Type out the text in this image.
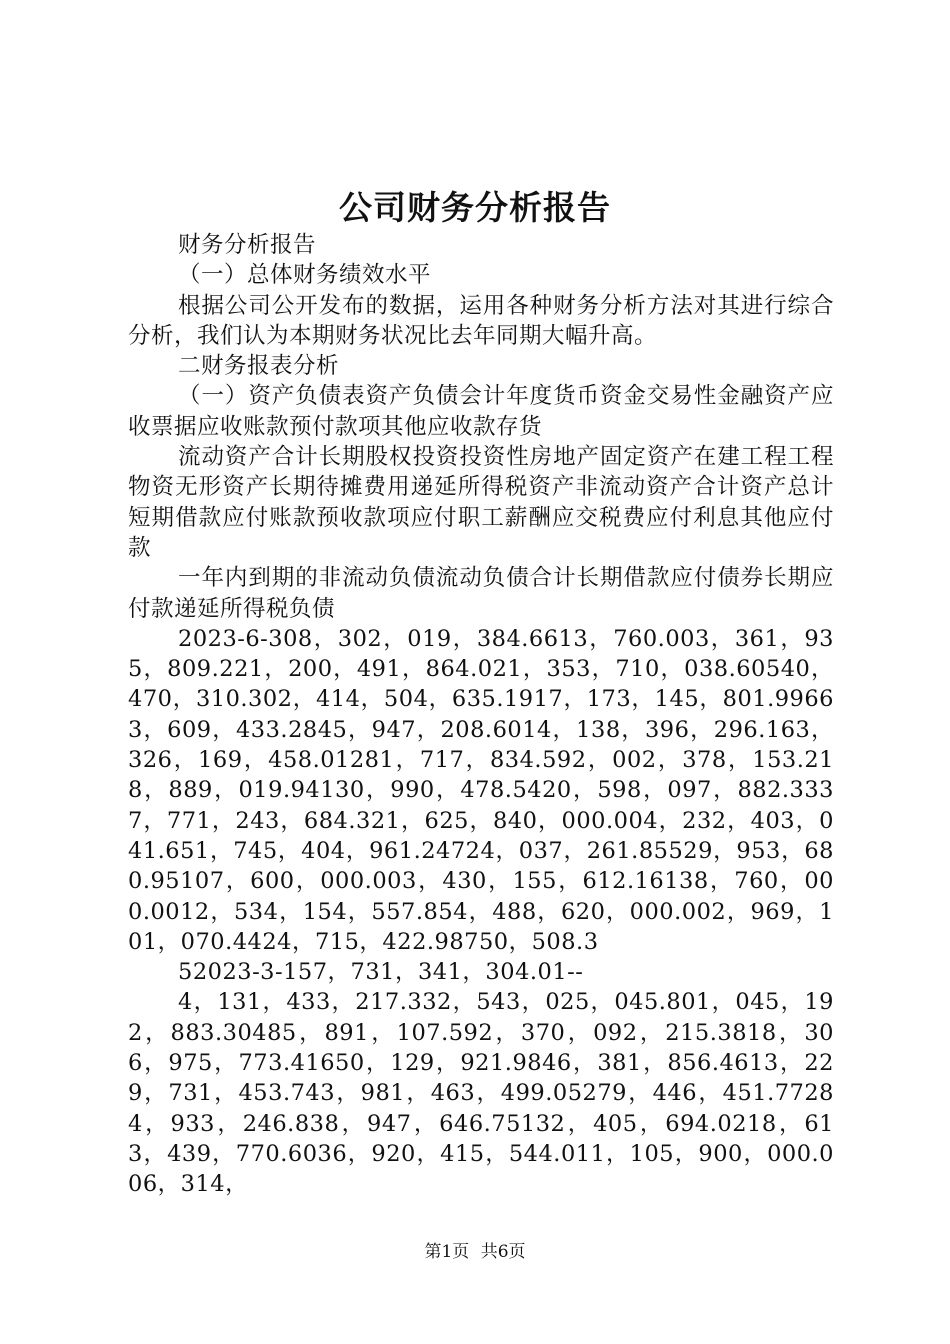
公司财务分析报告

财务分析报告

（一）总体财务绩效水平

根据公司公开发布的数据，运用各种财务分析方法对其进行综合分析，我们认为本期财务状况比去年同期大幅升高。

二财务报表分析

（一）资产负债表资产负债会计年度货币资金交易性金融资产应收票据应收账款预付款项其他应收款存货

流动资产合计长期股权投资投资性房地产固定资产在建工程工程物资无形资产长期待摊费用递延所得税资产非流动资产合计资产总计短期借款应付账款预收款项应付职工薪酬应交税费应付利息其他应付款

一年内到期的非流动负债流动负债合计长期借款应付债券长期应付款递延所得税负债

2023-6-308，302，019，384.6613，760.003，361，935，809.221，200，491，864.021，353，710，038.60540，470，310.302，414，504，635.1917，173，145，801.99663，609，433.2845，947，208.6014，138，396，296.163，326，169，458.01281，717，834.592，002，378，153.218，889，019.94130，990，478.5420，598，097，882.3337，771，243，684.321，625，840，000.004，232，403，041.651，745，404，961.24724，037，261.85529，953，680.95107，600，000.003，430，155，612.16138，760，000.0012，534，154，557.854，488，620，000.002，969，101，070.4424，715，422.98750，508.3

52023-3-157，731，341，304.01--

4，131，433，217.332，543，025，045.801，045，192，883.30485，891，107.592，370，092，215.3818，306，975，773.41650，129，921.9846，381，856.4613，229，731，453.743，981，463，499.05279，446，451.77284，933，246.838，947，646.75132，405，694.0218，613，439，770.6036，920，415，544.011，105，900，000.006，314，

第1页 共6页
